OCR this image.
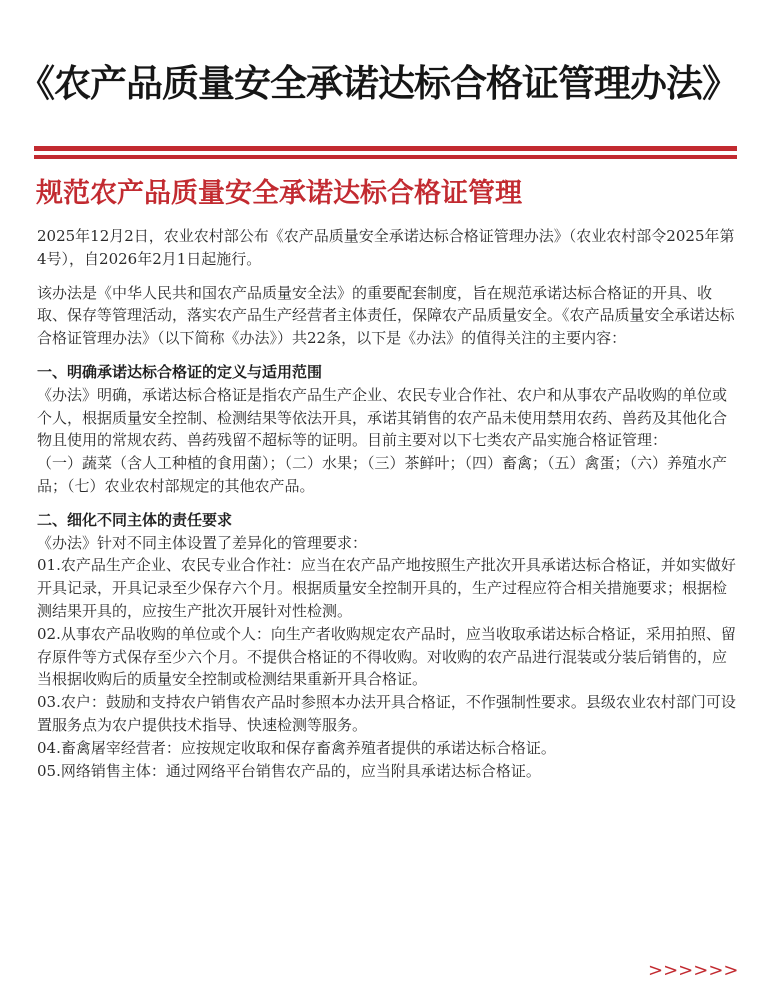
《农产品质量安全承诺达标合格证管理办法》
规范农产品质量安全承诺达标合格证管理

2025年12月2日，农业农村部公布《农产品质量安全承诺达标合格证管理办法》（农业农村部令2025年第4号），自2026年2月1日起施行。

该办法是《中华人民共和国农产品质量安全法》的重要配套制度，旨在规范承诺达标合格证的开具、收取、保存等管理活动，落实农产品生产经营者主体责任，保障农产品质量安全。《农产品质量安全承诺达标合格证管理办法》（以下简称《办法》）共22条，以下是《办法》的值得关注的主要内容：

一、明确承诺达标合格证的定义与适用范围

《办法》明确，承诺达标合格证是指农产品生产企业、农民专业合作社、农户和从事农产品收购的单位或个人，根据质量安全控制、检测结果等依法开具，承诺其销售的农产品未使用禁用农药、兽药及其他化合物且使用的常规农药、兽药残留不超标等的证明。目前主要对以下七类农产品实施合格证管理：

（一）蔬菜（含人工种植的食用菌）；（二）水果；（三）茶鲜叶；（四）畜禽；（五）禽蛋；（六）养殖水产品；（七）农业农村部规定的其他农产品。

二、细化不同主体的责任要求

《办法》针对不同主体设置了差异化的管理要求：

01.农产品生产企业、农民专业合作社：应当在农产品产地按照生产批次开具承诺达标合格证，并如实做好开具记录，开具记录至少保存六个月。根据质量安全控制开具的，生产过程应符合相关措施要求；根据检测结果开具的，应按生产批次开展针对性检测。

02.从事农产品收购的单位或个人：向生产者收购规定农产品时，应当收取承诺达标合格证，采用拍照、留存原件等方式保存至少六个月。不提供合格证的不得收购。对收购的农产品进行混装或分装后销售的，应当根据收购后的质量安全控制或检测结果重新开具合格证。

03.农户：鼓励和支持农户销售农产品时参照本办法开具合格证，不作强制性要求。县级农业农村部门可设置服务点为农户提供技术指导、快速检测等服务。

04.畜禽屠宰经营者：应按规定收取和保存畜禽养殖者提供的承诺达标合格证。

05.网络销售主体：通过网络平台销售农产品的，应当附具承诺达标合格证。

>>>>>>
